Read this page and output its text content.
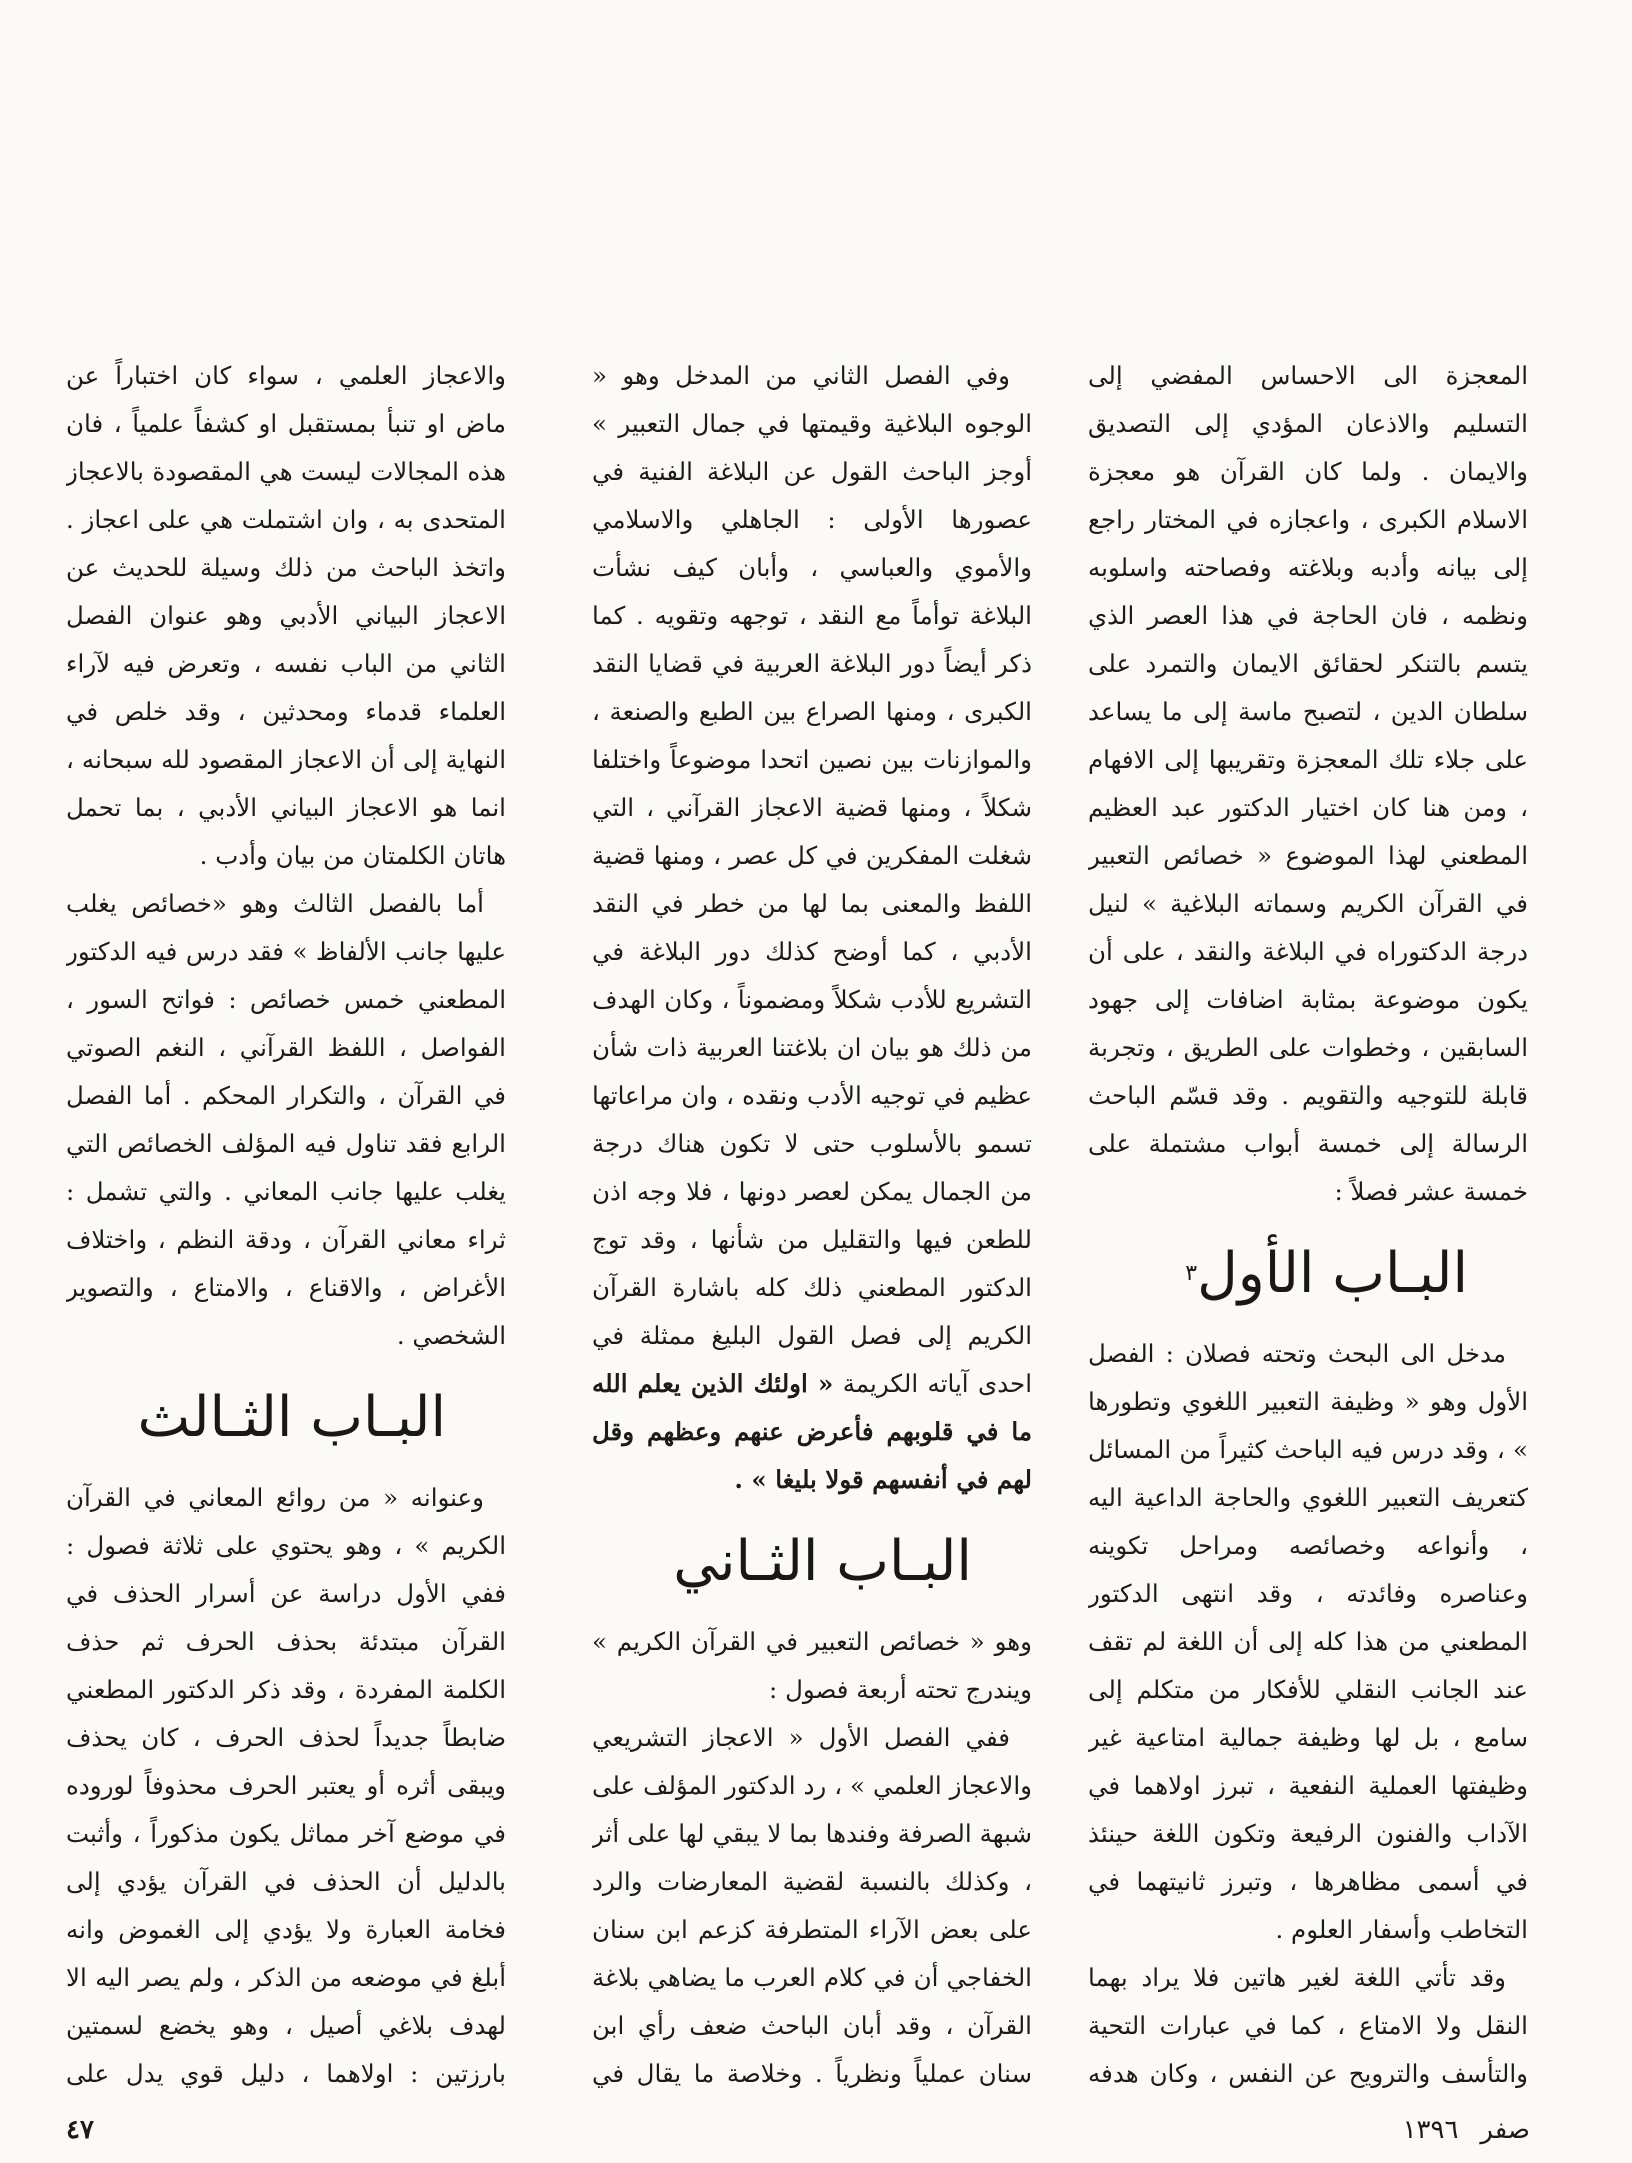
المعجزة الى الاحساس المفضي إلى التسليم والاذعان المؤدي إلى التصديق والايمان . ولما كان القرآن هو معجزة الاسلام الكبرى ، واعجازه في المختار راجع إلى بيانه وأدبه وبلاغته وفصاحته واسلوبه ونظمه ، فان الحاجة في هذا العصر الذي يتسم بالتنكر لحقائق الايمان والتمرد على سلطان الدين ، لتصبح ماسة إلى ما يساعد على جلاء تلك المعجزة وتقريبها إلى الافهام ، ومن هنا كان اختيار الدكتور عبد العظيم المطعني لهذا الموضوع « خصائص التعبير في القرآن الكريم وسماته البلاغية » لنيل درجة الدكتوراه في البلاغة والنقد ، على أن يكون موضوعة بمثابة اضافات إلى جهود السابقين ، وخطوات على الطريق ، وتجربة قابلة للتوجيه والتقويم . وقد قسّم الباحث الرسالة إلى خمسة أبواب مشتملة على خمسة عشر فصلاً :

البـاب الأول$^٣$

مدخل الى البحث وتحته فصلان : الفصل الأول وهو « وظيفة التعبير اللغوي وتطورها » ، وقد درس فيه الباحث كثيراً من المسائل كتعريف التعبير اللغوي والحاجة الداعية اليه ، وأنواعه وخصائصه ومراحل تكوينه وعناصره وفائدته ، وقد انتهى الدكتور المطعني من هذا كله إلى أن اللغة لم تقف عند الجانب النقلي للأفكار من متكلم إلى سامع ، بل لها وظيفة جمالية امتاعية غير وظيفتها العملية النفعية ، تبرز اولاهما في الآداب والفنون الرفيعة وتكون اللغة حينئذ في أسمى مظاهرها ، وتبرز ثانيتهما في التخاطب وأسفار العلوم .

وقد تأتي اللغة لغير هاتين فلا يراد بهما النقل ولا الامتاع ، كما في عبارات التحية والتأسف والترويح عن النفس ، وكان هدفه

وفي الفصل الثاني من المدخل وهو « الوجوه البلاغية وقيمتها في جمال التعبير » أوجز الباحث القول عن البلاغة الفنية في عصورها الأولى : الجاهلي والاسلامي والأموي والعباسي ، وأبان كيف نشأت البلاغة توأماً مع النقد ، توجهه وتقويه . كما ذكر أيضاً دور البلاغة العربية في قضايا النقد الكبرى ، ومنها الصراع بين الطبع والصنعة ، والموازنات بين نصين اتحدا موضوعاً واختلفا شكلاً ، ومنها قضية الاعجاز القرآني ، التي شغلت المفكرين في كل عصر ، ومنها قضية اللفظ والمعنى بما لها من خطر في النقد الأدبي ، كما أوضح كذلك دور البلاغة في التشريع للأدب شكلاً ومضموناً ، وكان الهدف من ذلك هو بيان ان بلاغتنا العربية ذات شأن عظيم في توجيه الأدب ونقده ، وان مراعاتها تسمو بالأسلوب حتى لا تكون هناك درجة من الجمال يمكن لعصر دونها ، فلا وجه اذن للطعن فيها والتقليل من شأنها ، وقد توج الدكتور المطعني ذلك كله باشارة القرآن الكريم إلى فصل القول البليغ ممثلة في احدى آياته الكريمة « اولئك الذين يعلم الله ما في قلوبهم فأعرض عنهم وعظهم وقل لهم في أنفسهم قولا بليغا » .

البـاب الثـاني

وهو « خصائص التعبير في القرآن الكريم » ويندرج تحته أربعة فصول :

ففي الفصل الأول « الاعجاز التشريعي والاعجاز العلمي » ، رد الدكتور المؤلف على شبهة الصرفة وفندها بما لا يبقي لها على أثر ، وكذلك بالنسبة لقضية المعارضات والرد على بعض الآراء المتطرفة كزعم ابن سنان الخفاجي أن في كلام العرب ما يضاهي بلاغة القرآن ، وقد أبان الباحث ضعف رأي ابن سنان عملياً ونظرياً . وخلاصة ما يقال في

والاعجاز العلمي ، سواء كان اختباراً عن ماض او تنبأ بمستقبل او كشفاً علمياً ، فان هذه المجالات ليست هي المقصودة بالاعجاز المتحدى به ، وان اشتملت هي على اعجاز . واتخذ الباحث من ذلك وسيلة للحديث عن الاعجاز البياني الأدبي وهو عنوان الفصل الثاني من الباب نفسه ، وتعرض فيه لآراء العلماء قدماء ومحدثين ، وقد خلص في النهاية إلى أن الاعجاز المقصود لله سبحانه ، انما هو الاعجاز البياني الأدبي ، بما تحمل هاتان الكلمتان من بيان وأدب .

أما بالفصل الثالث وهو «خصائص يغلب عليها جانب الألفاظ » فقد درس فيه الدكتور المطعني خمس خصائص : فواتح السور ، الفواصل ، اللفظ القرآني ، النغم الصوتي في القرآن ، والتكرار المحكم . أما الفصل الرابع فقد تناول فيه المؤلف الخصائص التي يغلب عليها جانب المعاني . والتي تشمل : ثراء معاني القرآن ، ودقة النظم ، واختلاف الأغراض ، والاقناع ، والامتاع ، والتصوير الشخصي .

البـاب الثـالث

وعنوانه « من روائع المعاني في القرآن الكريم » ، وهو يحتوي على ثلاثة فصول : ففي الأول دراسة عن أسرار الحذف في القرآن مبتدئة بحذف الحرف ثم حذف الكلمة المفردة ، وقد ذكر الدكتور المطعني ضابطاً جديداً لحذف الحرف ، كان يحذف ويبقى أثره أو يعتبر الحرف محذوفاً لوروده في موضع آخر مماثل يكون مذكوراً ، وأثبت بالدليل أن الحذف في القرآن يؤدي إلى فخامة العبارة ولا يؤدي إلى الغموض وانه أبلغ في موضعه من الذكر ، ولم يصر اليه الا لهدف بلاغي أصيل ، وهو يخضع لسمتين بارزتين : اولاهما ، دليل قوي يدل على

٤٧	صفر١٣٩٦
